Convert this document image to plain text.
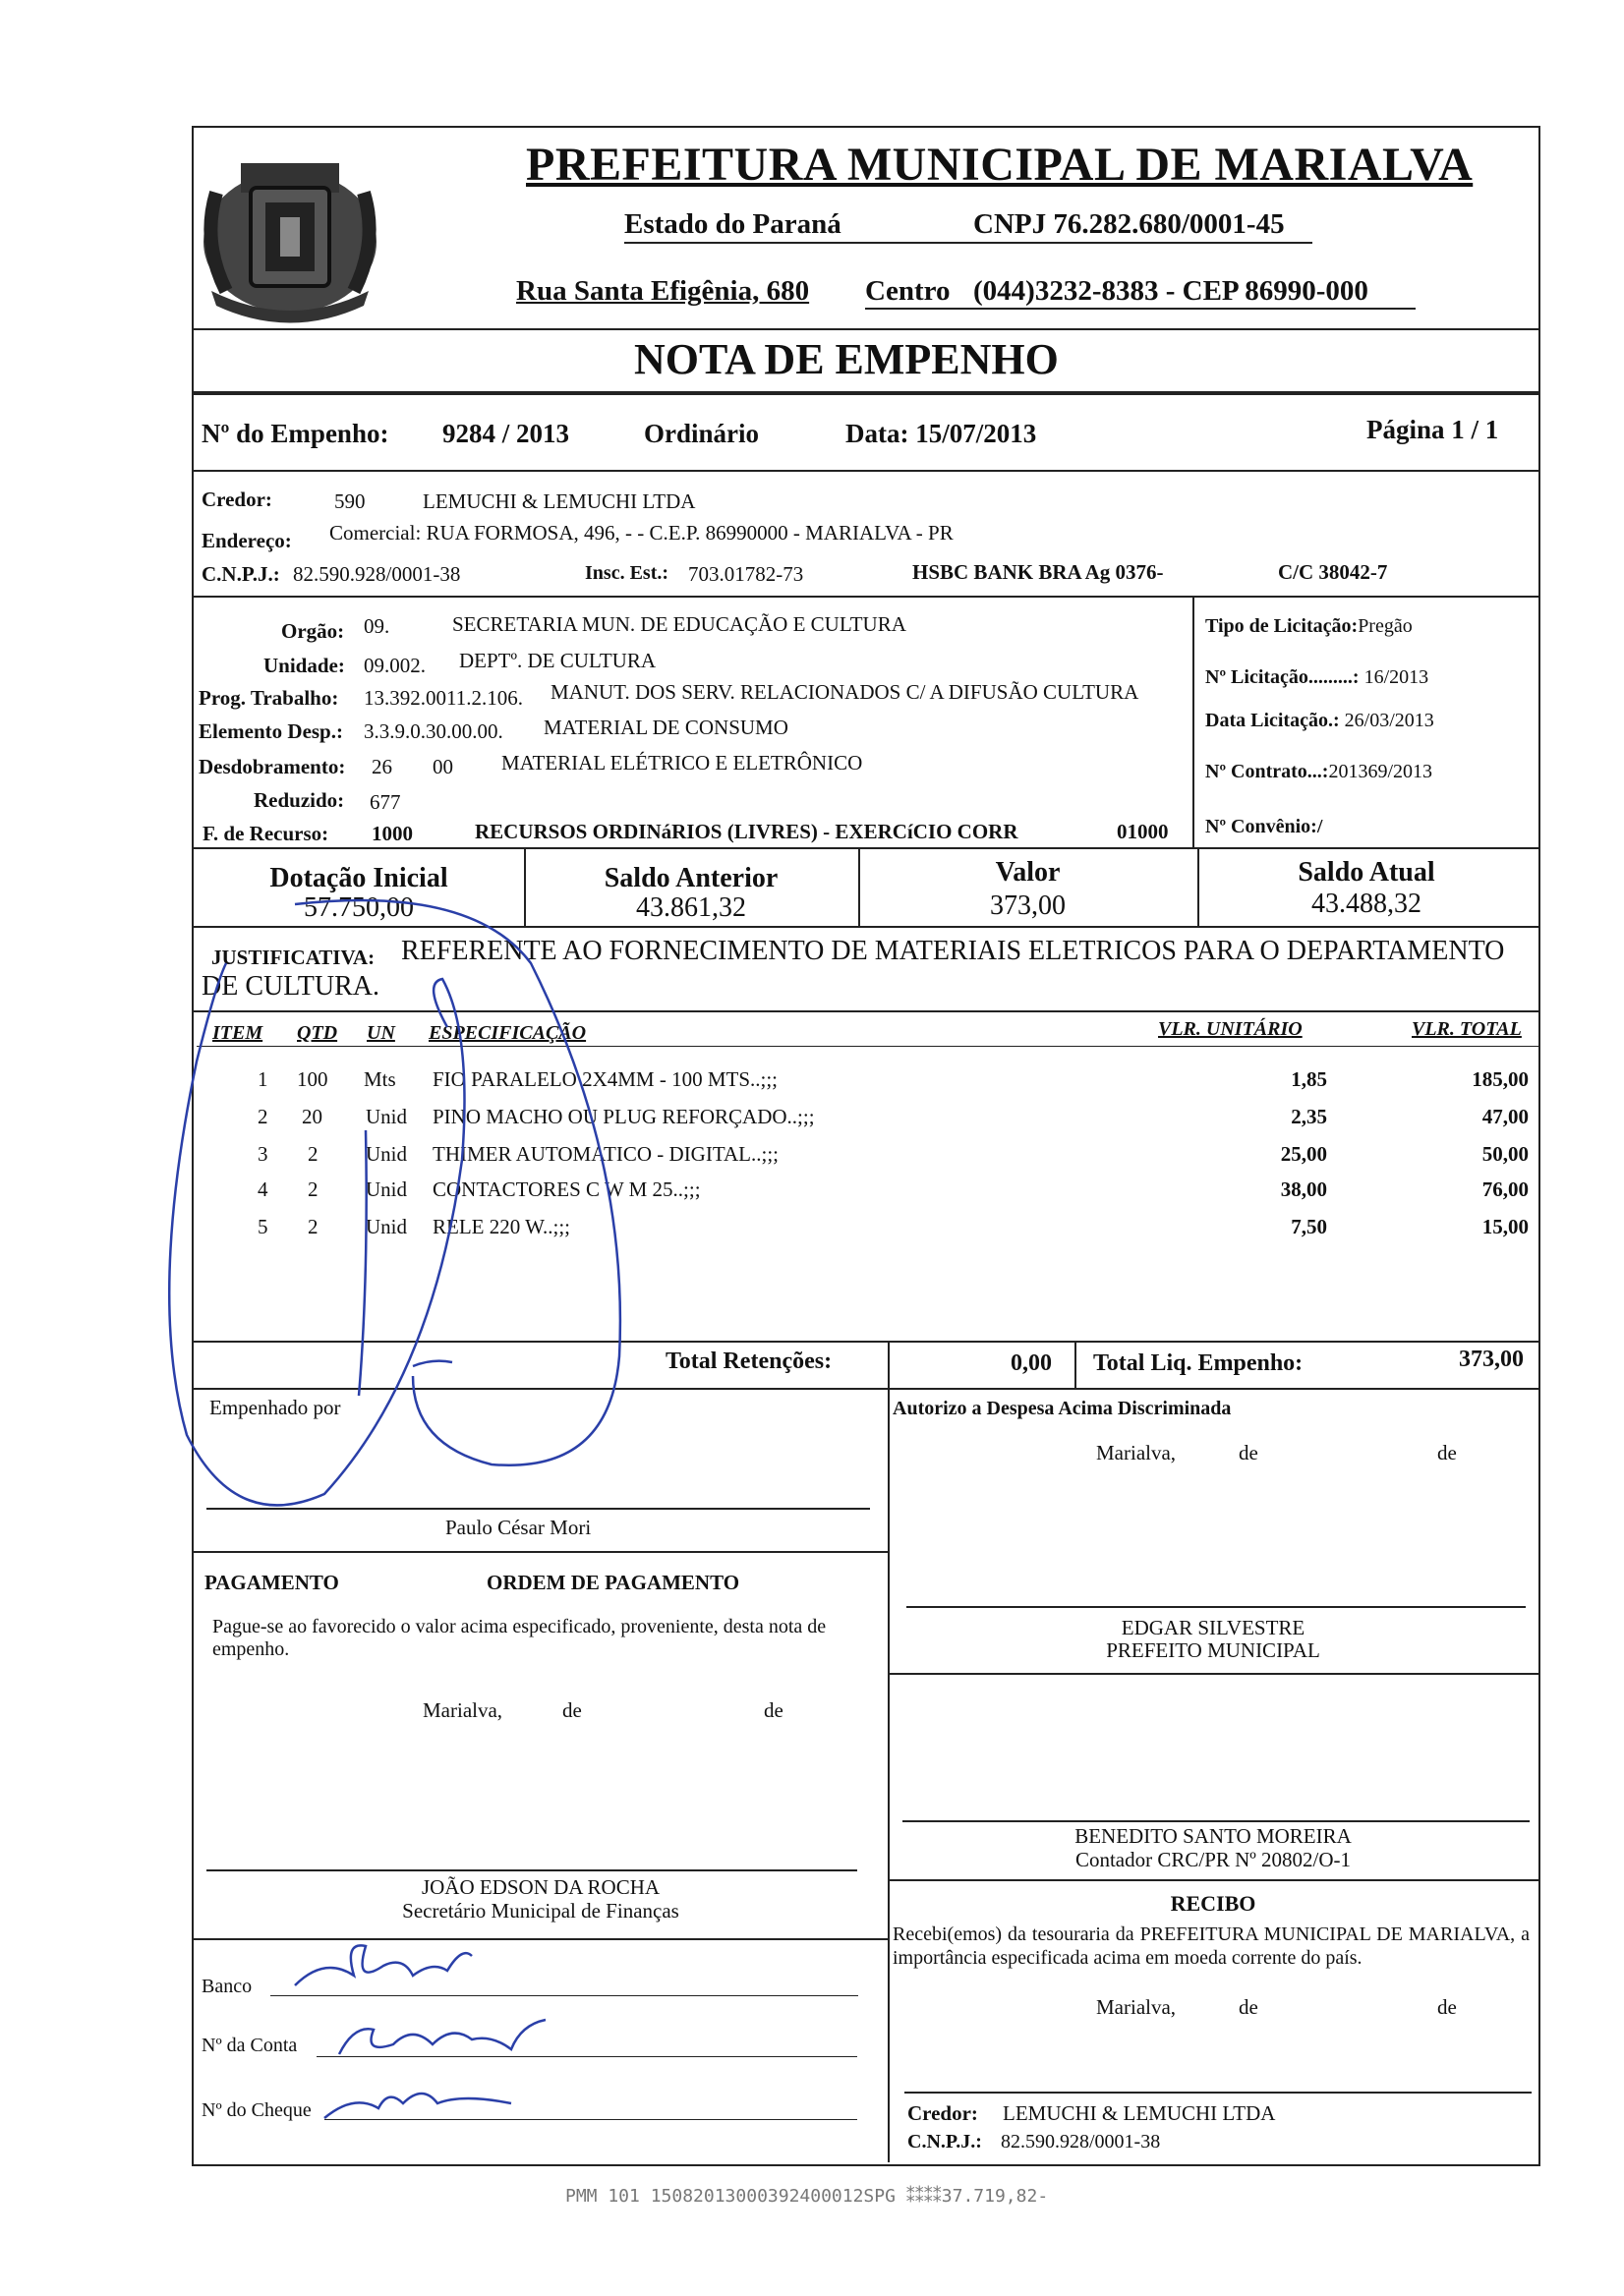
PREFEITURA MUNICIPAL DE MARIALVA
Estado do Paraná	CNPJ 76.282.680/0001-45
Rua Santa Efigênia, 680 Centro (044)3232-8383 - CEP 86990-000
NOTA DE EMPENHO
Nº do Empenho: 9284 / 2013	Ordinário	Data: 15/07/2013	Página 1 / 1
Credor:	590	LEMUCHI & LEMUCHI LTDA
Endereço: Comercial: RUA FORMOSA, 496, - - C.E.P. 86990000 - MARIALVA - PR
C.N.P.J.: 82.590.928/0001-38	Insc. Est.: 703.01782-73	HSBC BANK BRA Ag 0376-	C/C 38042-7
Orgão: 09.	SECRETARIA MUN. DE EDUCAÇÃO E CULTURA
Unidade: 09.002. DEPTº. DE CULTURA
Prog. Trabalho: 13.392.0011.2.106. MANUT. DOS SERV. RELACIONADOS C/ A DIFUSÃO CULTURA
Elemento Desp.: 3.3.9.0.30.00.00. MATERIAL DE CONSUMO
Desdobramento: 26 00 MATERIAL ELÉTRICO E ELETRÔNICO
Reduzido: 677
F. de Recurso: 1000	RECURSOS ORDINáRIOS (LIVRES) - EXERCíCIO CORR	01000
Tipo de Licitação:Pregão
Nº Licitação.........: 16/2013
Data Licitação.: 26/03/2013
Nº Contrato...:201369/2013
Nº Convênio:/
Dotação Inicial
57.750,00
Saldo Anterior
43.861,32
Valor
373,00
Saldo Atual
43.488,32
JUSTIFICATIVA: REFERENTE AO FORNECIMENTO DE MATERIAIS ELETRICOS PARA O DEPARTAMENTO
DE CULTURA.
ITEM QTD UN ESPECIFICAÇÃO	VLR. UNITÁRIO	VLR. TOTAL
1 100 Mts FIO PARALELO 2X4MM - 100 MTS..;;;	1,85	185,00
2 20 Unid PINO MACHO OU PLUG REFORÇADO..;;;	2,35	47,00
3 2 Unid THIMER AUTOMATICO - DIGITAL..;;;	25,00	50,00
4 2 Unid CONTACTORES C W M 25..;;;	38,00	76,00
5 2 Unid RELE 220 W..;;;	7,50	15,00
Total Retenções:	0,00 Total Liq. Empenho:	373,00
Empenhado por
Paulo César Mori
Autorizo a Despesa Acima Discriminada
Marialva,	de	de
EDGAR SILVESTRE
PREFEITO MUNICIPAL
PAGAMENTO	ORDEM DE PAGAMENTO
Pague-se ao favorecido o valor acima especificado, proveniente, desta nota de empenho.
Marialva,	de	de
BENEDITO SANTO MOREIRA
Contador CRC/PR Nº 20802/O-1
JOÃO EDSON DA ROCHA
Secretário Municipal de Finanças	RECIBO
Recebi(emos) da tesouraria da PREFEITURA MUNICIPAL DE MARIALVA, a importância especificada acima em moeda corrente do país.
Marialva,	de	de
Credor: LEMUCHI & LEMUCHI LTDA
C.N.P.J.: 82.590.928/0001-38
Banco
Nº da Conta
Nº do Cheque
PMM 101 15082013000392400012SPG ⁑⁑⁑⁑37.719,82-
